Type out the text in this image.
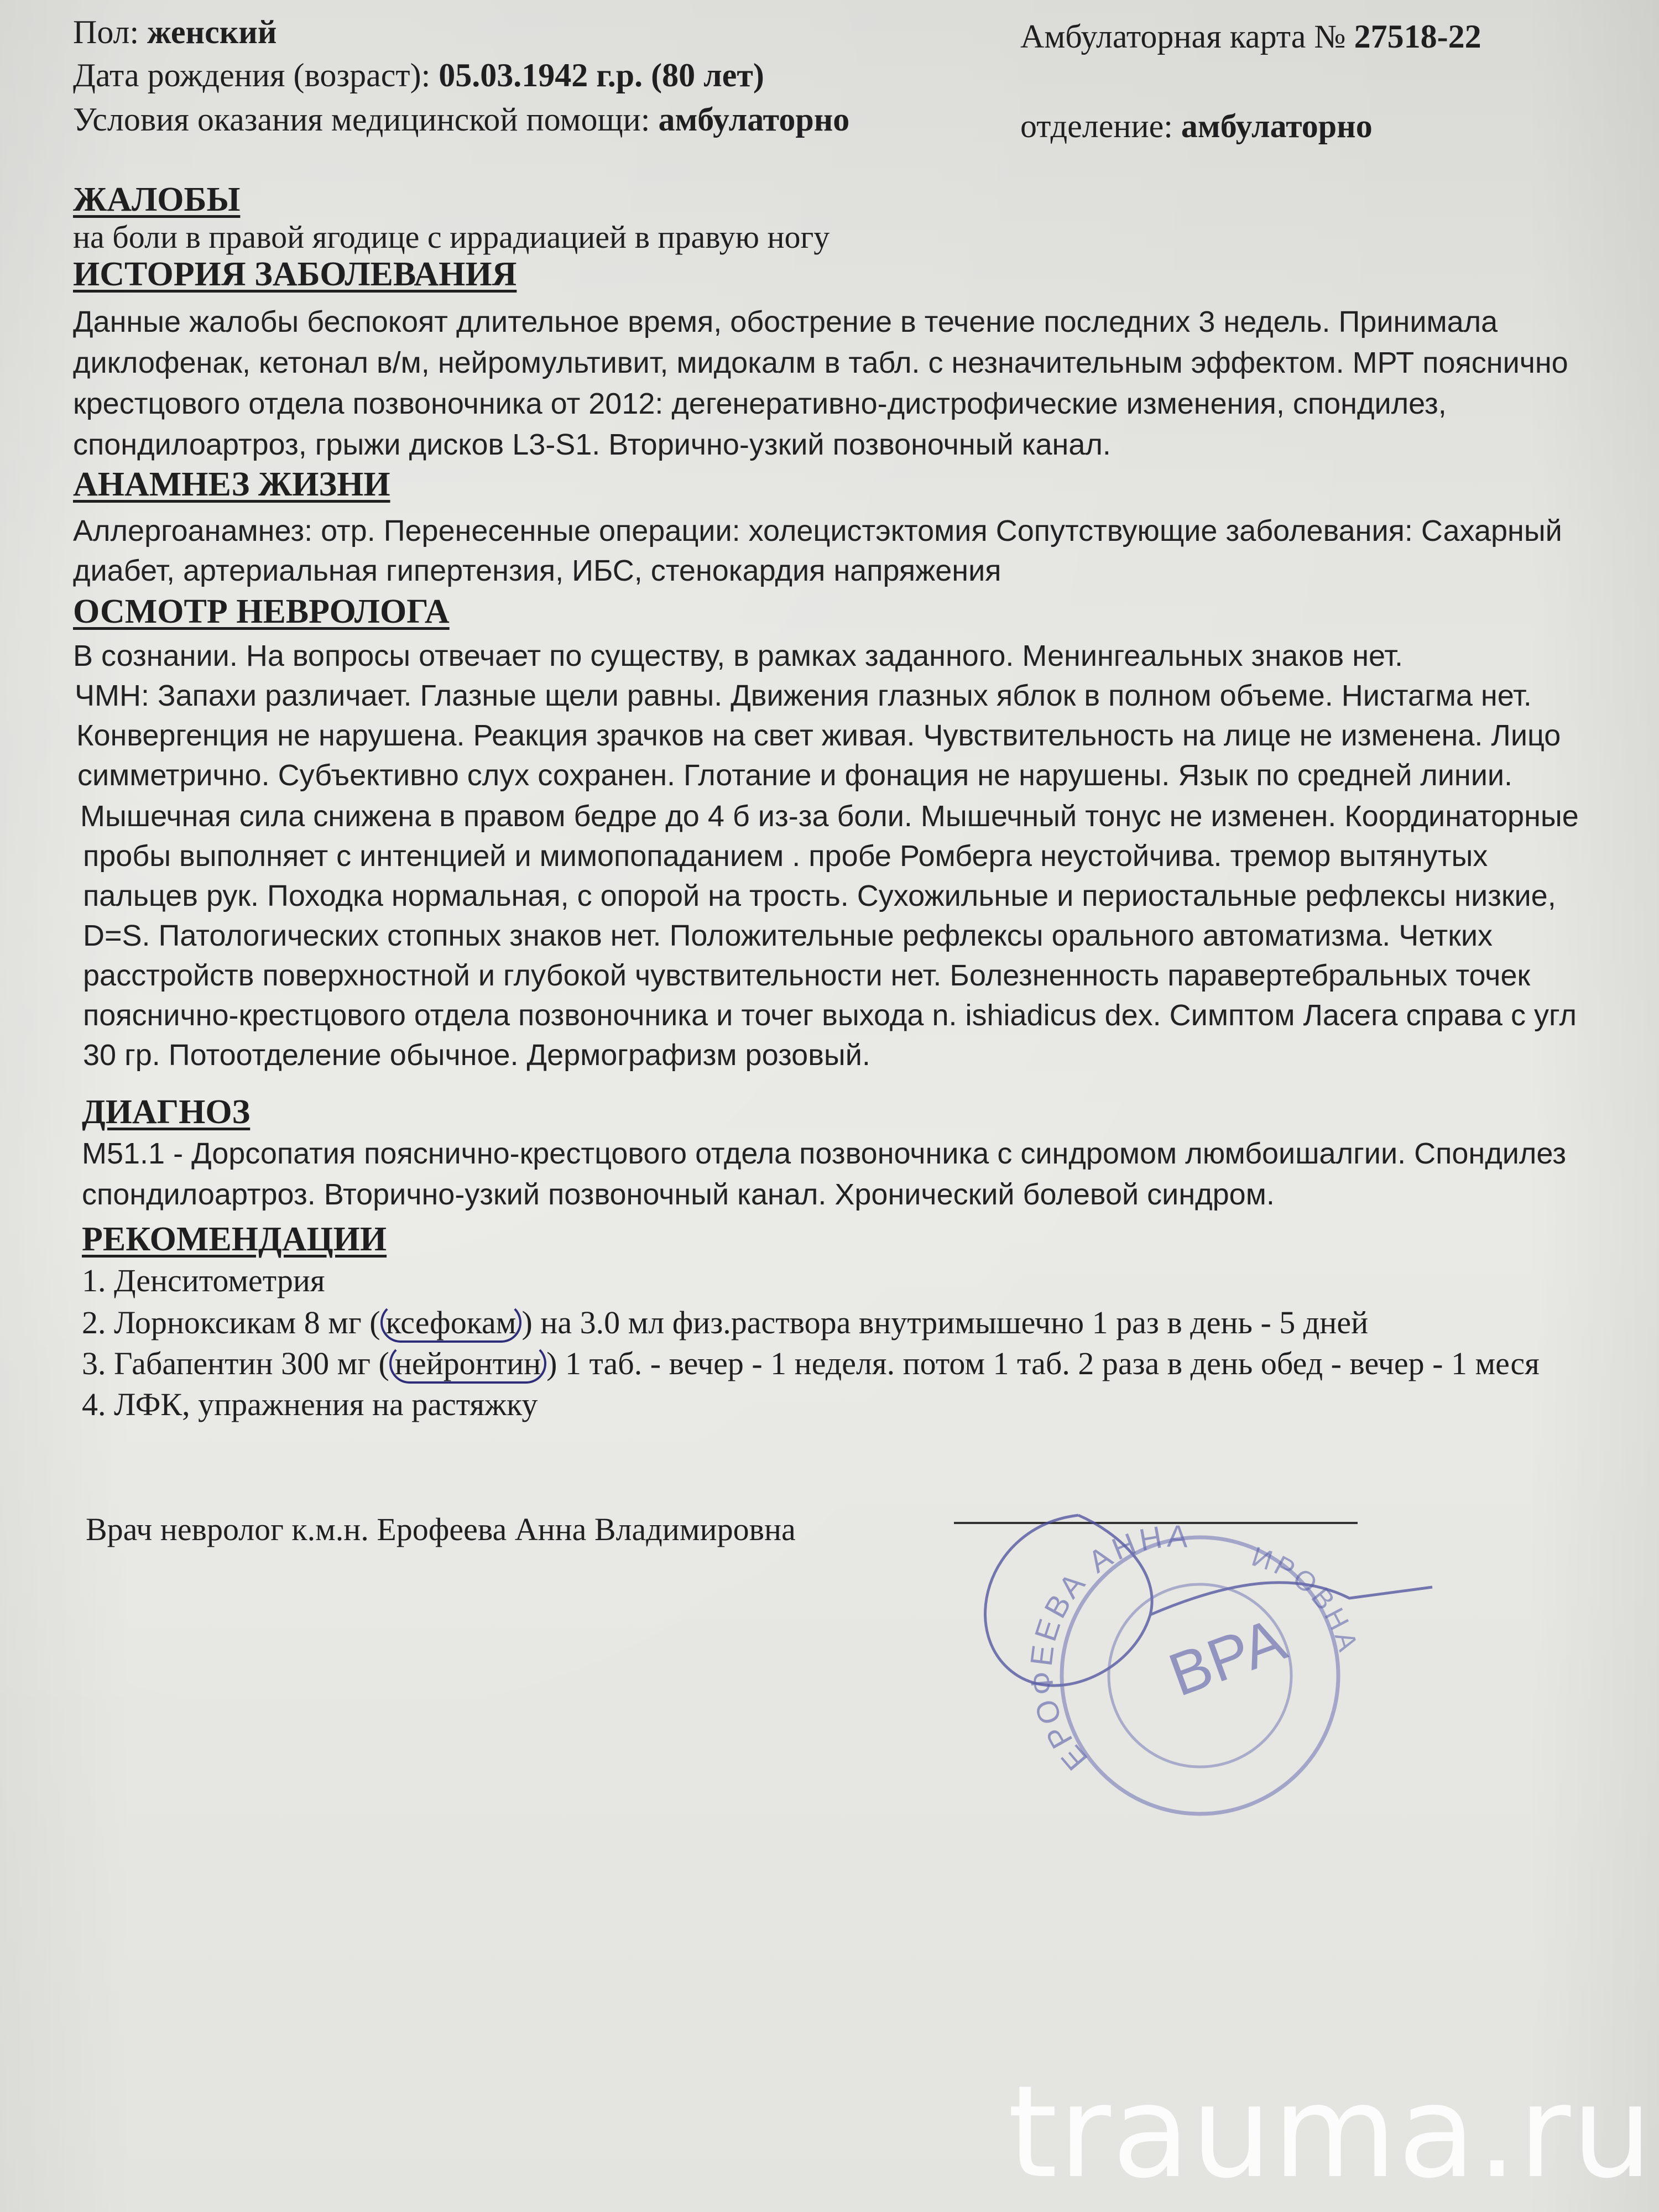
Пол: женский	Амбулаторная карта № 27518-22
Дата рождения (возраст): 05.03.1942 г.р. (80 лет)
Условия оказания медицинской помощи: амбулаторно	отделение: амбулаторно
ЖАЛОБЫ
на боли в правой ягодице с иррадиацией в правую ногу
ИСТОРИЯ ЗАБОЛЕВАНИЯ
Данные жалобы беспокоят длительное время, обострение в течение последних 3 недель. Принимала
диклофенак, кетонал в/м, нейромультивит, мидокалм в табл. с незначительным эффектом. МРТ пояснично
крестцового отдела позвоночника от 2012: дегенеративно-дистрофические изменения, спондилез,
спондилоартроз, грыжи дисков L3-S1. Вторично-узкий позвоночный канал.
АНАМНЕЗ ЖИЗНИ
Аллергоанамнез: отр. Перенесенные операции: холецистэктомия Сопутствующие заболевания: Сахарный
диабет, артериальная гипертензия, ИБС, стенокардия напряжения
ОСМОТР НЕВРОЛОГА
В сознании. На вопросы отвечает по существу, в рамках заданного. Менингеальных знаков нет.
ЧМН: Запахи различает. Глазные щели равны. Движения глазных яблок в полном объеме. Нистагма нет.
Конвергенция не нарушена. Реакция зрачков на свет живая. Чувствительность на лице не изменена. Лицо
симметрично. Субъективно слух сохранен. Глотание и фонация не нарушены. Язык по средней линии.
Мышечная сила снижена в правом бедре до 4 б из-за боли. Мышечный тонус не изменен. Координаторные
пробы выполняет с интенцией и мимопопаданием . пробе Ромберга неустойчива. тремор вытянутых
пальцев рук. Походка нормальная, с опорой на трость. Сухожильные и периостальные рефлексы низкие,
D=S. Патологических стопных знаков нет. Положительные рефлексы орального автоматизма. Четких
расстройств поверхностной и глубокой чувствительности нет. Болезненность паравертебральных точек
пояснично-крестцового отдела позвоночника и точег выхода n. ishiadicus dex. Симптом Ласега справа с угл
30 гр. Потоотделение обычное. Дермографизм розовый.
ДИАГНОЗ
М51.1 - Дорсопатия пояснично-крестцового отдела позвоночника с синдромом люмбоишалгии. Спондилез
спондилоартроз. Вторично-узкий позвоночный канал. Хронический болевой синдром.
РЕКОМЕНДАЦИИ
1. Денситометрия
2. Лорноксикам 8 мг ( ксефокам ) на 3.0 мл физ.раствора внутримышечно 1 раз в день - 5 дней
3. Габапентин 300 мг ( нейронтин ) 1 таб. - вечер - 1 неделя. потом 1 таб. 2 раза в день обед - вечер - 1 меся
4. ЛФК, упражнения на растяжку
Врач невролог к.м.н. Ерофеева Анна Владимировна
ЕРОФЕЕВА АННА
ИРОВНА
ВРА
trauma.ru
